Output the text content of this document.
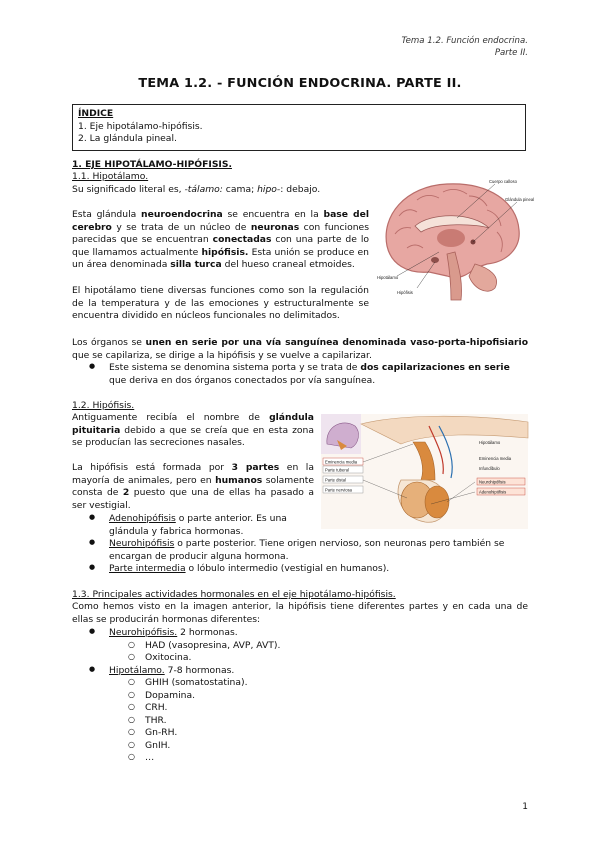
Tema 1.2. Función endocrina.
Parte II.
TEMA 1.2. - FUNCIÓN ENDOCRINA. PARTE II.
ÍNDICE
1. Eje hipotálamo-hipófisis.
2. La glándula pineal.
1. EJE HIPOTÁLAMO-HIPÓFISIS.
1.1. Hipotálamo.

Su significado literal es, -tálamo: cama; hipo-: debajo.

Esta glándula neuroendocrina se encuentra en la base del cerebro y se trata de un núcleo de neuronas con funciones parecidas que se encuentran conectadas con una parte de lo que llamamos actualmente hipófisis. Esta unión se produce en un área denominada silla turca del hueso craneal etmoides.

El hipotálamo tiene diversas funciones como son la regulación de la temperatura y de las emociones y estructuralmente se encuentra dividido en núcleos funcionales no delimitados.

Cuerpo calloso
Glándula pineal
Hipotálamo
Hipófisis

Los órganos se unen en serie por una vía sanguínea denominada vaso-porta-hipofisiario que se capilariza, se dirige a la hipófisis y se vuelve a capilarizar.

● Este sistema se denomina sistema porta y se trata de dos capilarizaciones en serie que deriva en dos órganos conectados por vía sanguínea.
1.2. Hipófisis.

Antiguamente recibía el nombre de glándula pituitaria debido a que se creía que en esta zona se producían las secreciones nasales.

La hipófisis está formada por 3 partes en la mayoría de animales, pero en humanos solamente consta de 2 puesto que una de ellas ha pasado a ser vestigial.

Eminencia media
Parte tuberal
Parte distal
Parte nerviosa
Hipotálamo
Eminencia media
Infundíbulo
Neurohipófisis
Adenohipófisis
● Adenohipófisis o parte anterior. Es una glándula y fabrica hormonas.
● Neurohipófisis o parte posterior. Tiene origen nervioso, son neuronas pero también se encargan de producir alguna hormona.
● Parte intermedia o lóbulo intermedio (vestigial en humanos).
1.3. Principales actividades hormonales en el eje hipotálamo-hipófisis.

Como hemos visto en la imagen anterior, la hipófisis tiene diferentes partes y en cada una de ellas se producirán hormonas diferentes:

● Neurohipófisis. 2 hormonas.
○ HAD (vasopresina, AVP, AVT).
○ Oxitocina.
● Hipotálamo. 7-8 hormonas.
○ GHIH (somatostatina).
○ Dopamina.
○ CRH.
○ THR.
○ Gn-RH.
○ GnIH.
○ …
1
